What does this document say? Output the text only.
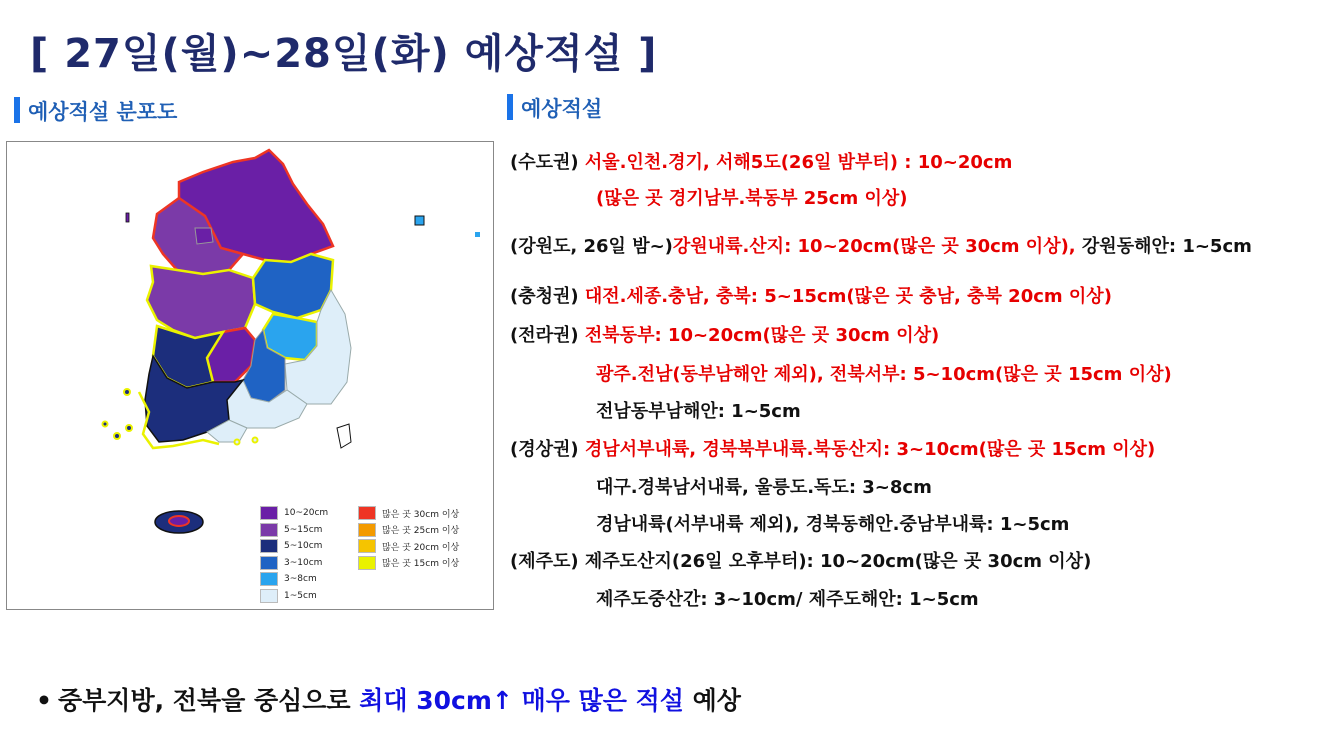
[ 27일(월)~28일(화) 예상적설 ]
예상적설 분포도	예상적설
10~20cm
5~15cm
5~10cm
3~10cm
3~8cm
1~5cm
많은 곳 30cm 이상
많은 곳 25cm 이상
많은 곳 20cm 이상
많은 곳 15cm 이상
(수도권) 서울.인천.경기, 서해5도(26일 밤부터) : 10~20cm
(많은 곳 경기남부.북동부 25cm 이상)
(강원도, 26일 밤~)강원내륙.산지: 10~20cm(많은 곳 30cm 이상), 강원동해안: 1~5cm
(충청권) 대전.세종.충남, 충북: 5~15cm(많은 곳 충남, 충북 20cm 이상)
(전라권) 전북동부: 10~20cm(많은 곳 30cm 이상)
광주.전남(동부남해안 제외), 전북서부: 5~10cm(많은 곳 15cm 이상)
전남동부남해안: 1~5cm
(경상권) 경남서부내륙, 경북북부내륙.북동산지: 3~10cm(많은 곳 15cm 이상)
대구.경북남서내륙, 울릉도.독도: 3~8cm
경남내륙(서부내륙 제외), 경북동해안.중남부내륙: 1~5cm
(제주도) 제주도산지(26일 오후부터): 10~20cm(많은 곳 30cm 이상)
제주도중산간: 3~10cm/ 제주도해안: 1~5cm
• 중부지방, 전북을 중심으로 최대 30cm↑ 매우 많은 적설 예상
